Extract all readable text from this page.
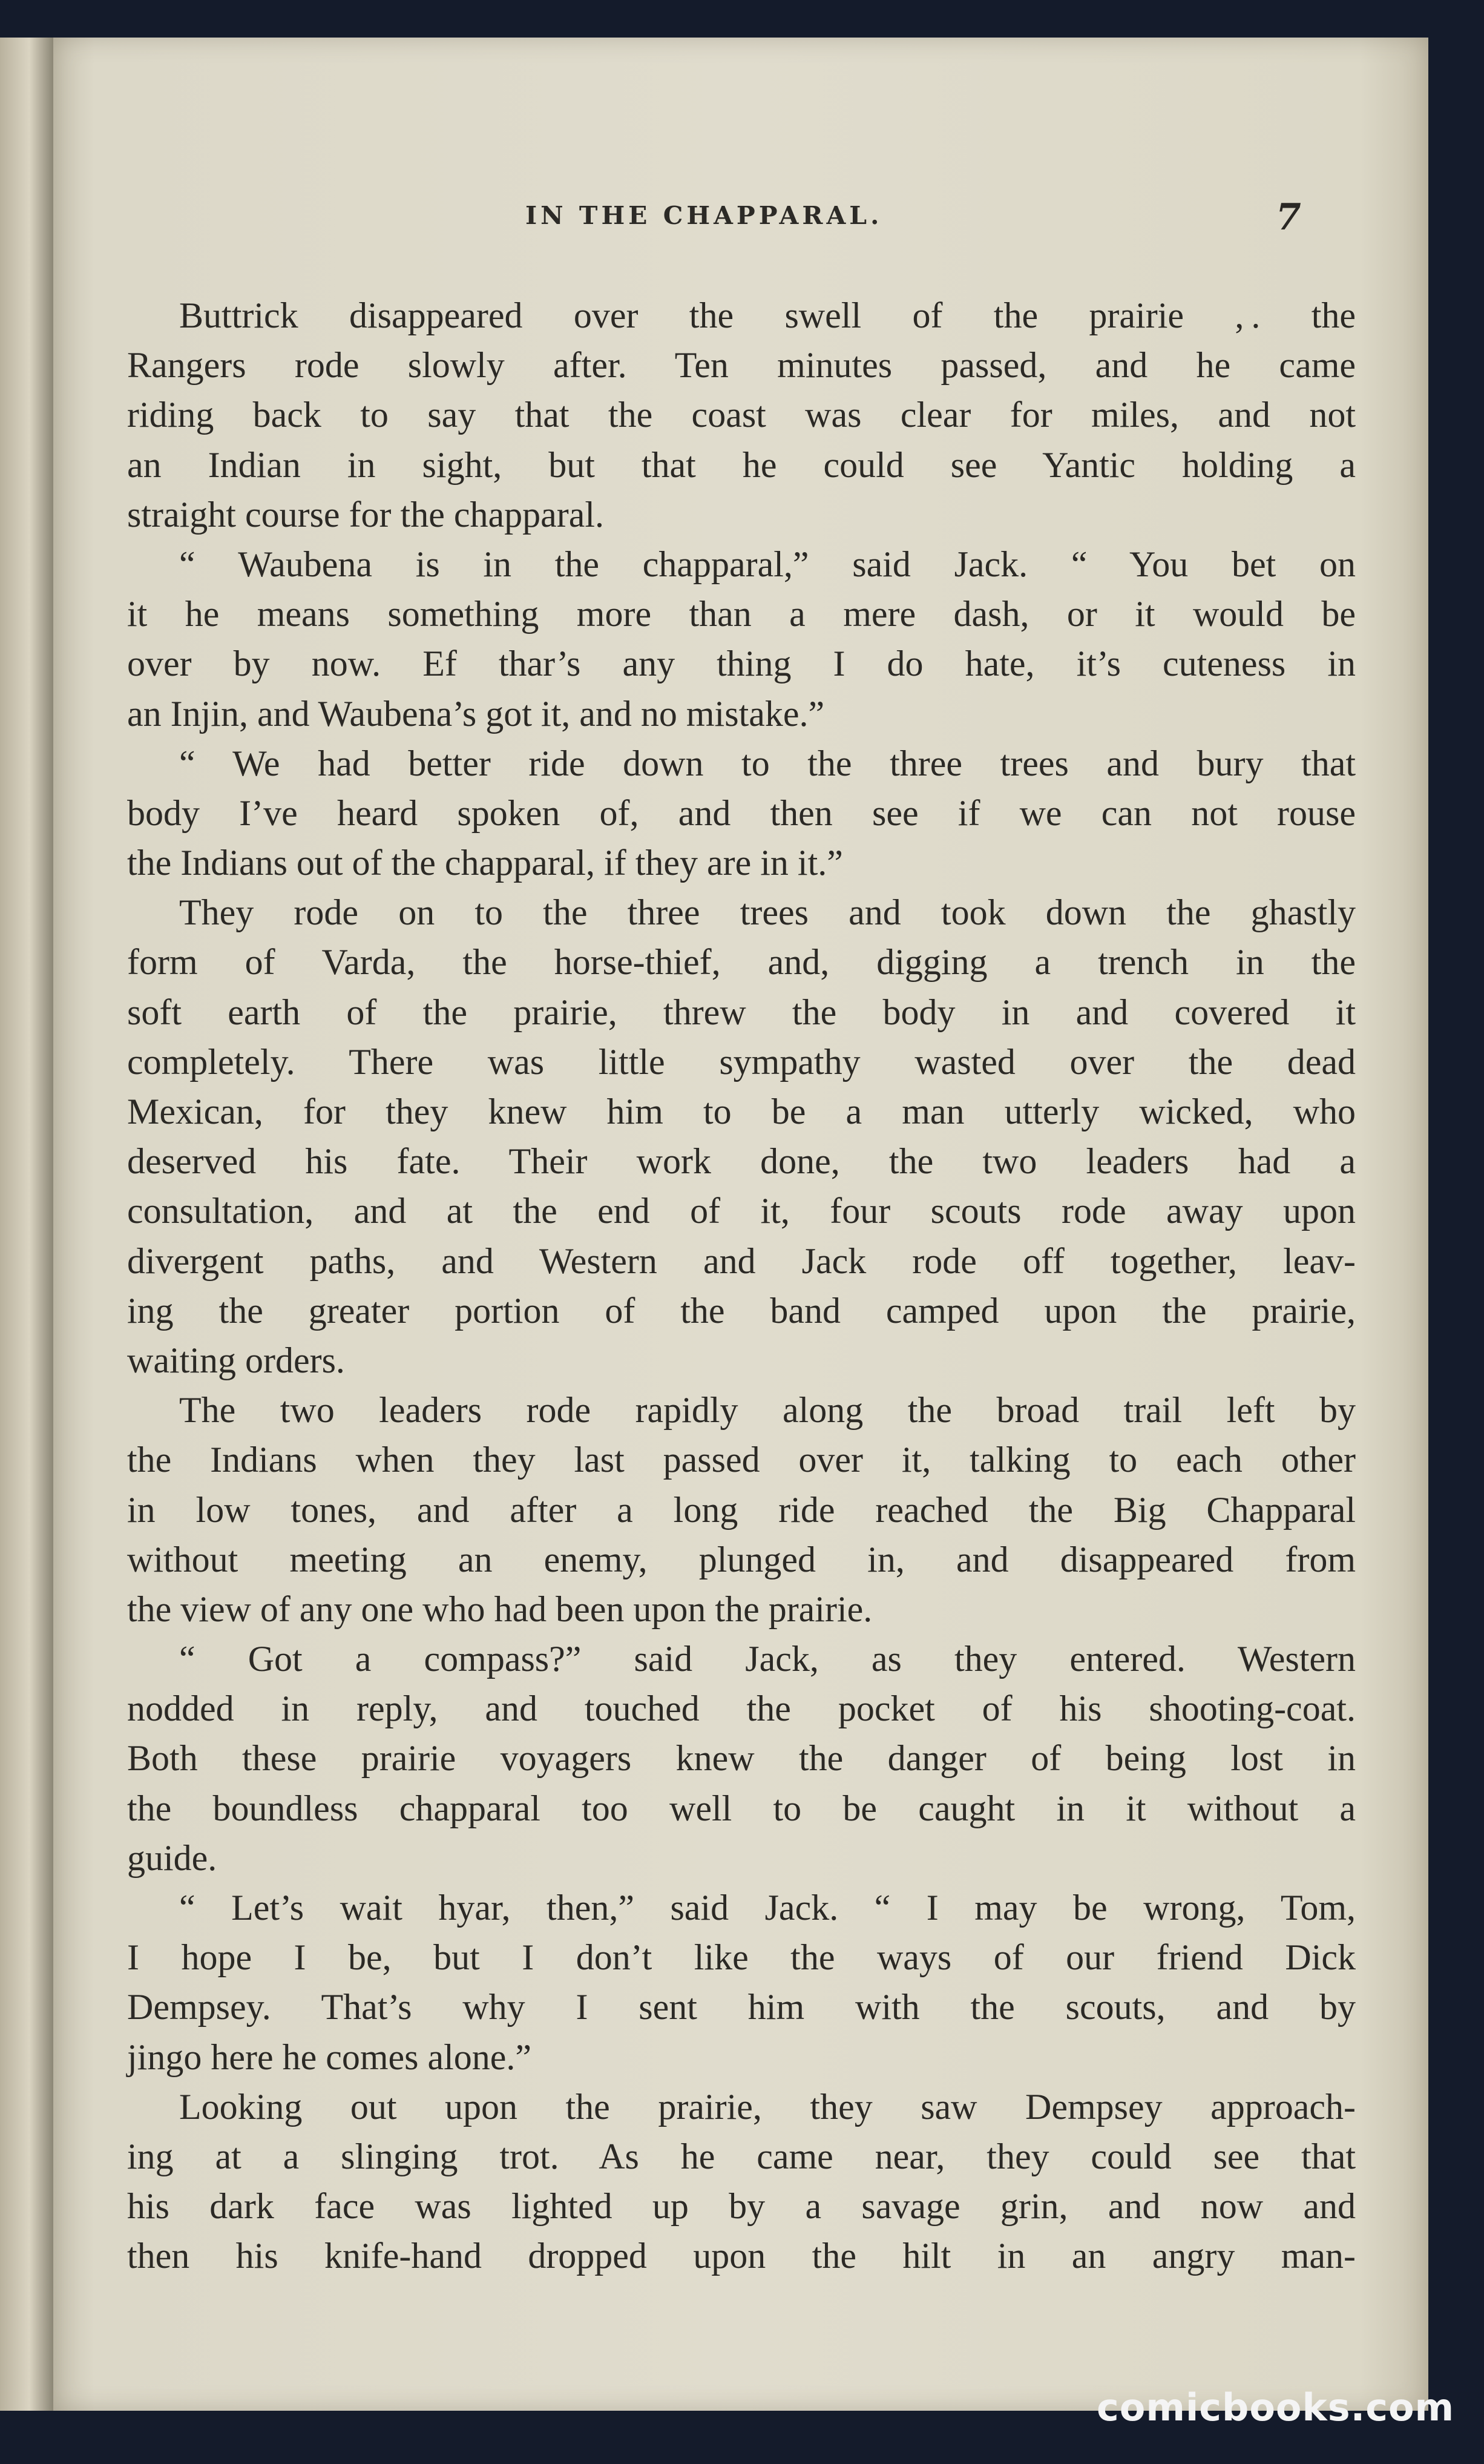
IN THE CHAPPARAL.	7
Buttrick disappeared over the swell of the prairie , . the
Rangers rode slowly after. Ten minutes passed, and he came
riding back to say that the coast was clear for miles, and not
an Indian in sight, but that he could see Yantic holding a
straight course for the chapparal.
“ Waubena is in the chapparal,” said Jack. “ You bet on
it he means something more than a mere dash, or it would be
over by now. Ef thar’s any thing I do hate, it’s cuteness in
an Injin, and Waubena’s got it, and no mistake.”
“ We had better ride down to the three trees and bury that
body I’ve heard spoken of, and then see if we can not rouse
the Indians out of the chapparal, if they are in it.”
They rode on to the three trees and took down the ghastly
form of Varda, the horse-thief, and, digging a trench in the
soft earth of the prairie, threw the body in and covered it
completely. There was little sympathy wasted over the dead
Mexican, for they knew him to be a man utterly wicked, who
deserved his fate. Their work done, the two leaders had a
consultation, and at the end of it, four scouts rode away upon
divergent paths, and Western and Jack rode off together, leav-
ing the greater portion of the band camped upon the prairie,
waiting orders.
The two leaders rode rapidly along the broad trail left by
the Indians when they last passed over it, talking to each other
in low tones, and after a long ride reached the Big Chapparal
without meeting an enemy, plunged in, and disappeared from
the view of any one who had been upon the prairie.
“ Got a compass?” said Jack, as they entered. Western
nodded in reply, and touched the pocket of his shooting-coat.
Both these prairie voyagers knew the danger of being lost in
the boundless chapparal too well to be caught in it without a
guide.
“ Let’s wait hyar, then,” said Jack. “ I may be wrong, Tom,
I hope I be, but I don’t like the ways of our friend Dick
Dempsey. That’s why I sent him with the scouts, and by
jingo here he comes alone.”
Looking out upon the prairie, they saw Dempsey approach-
ing at a slinging trot. As he came near, they could see that
his dark face was lighted up by a savage grin, and now and
then his knife-hand dropped upon the hilt in an angry man-
comicbooks.com
